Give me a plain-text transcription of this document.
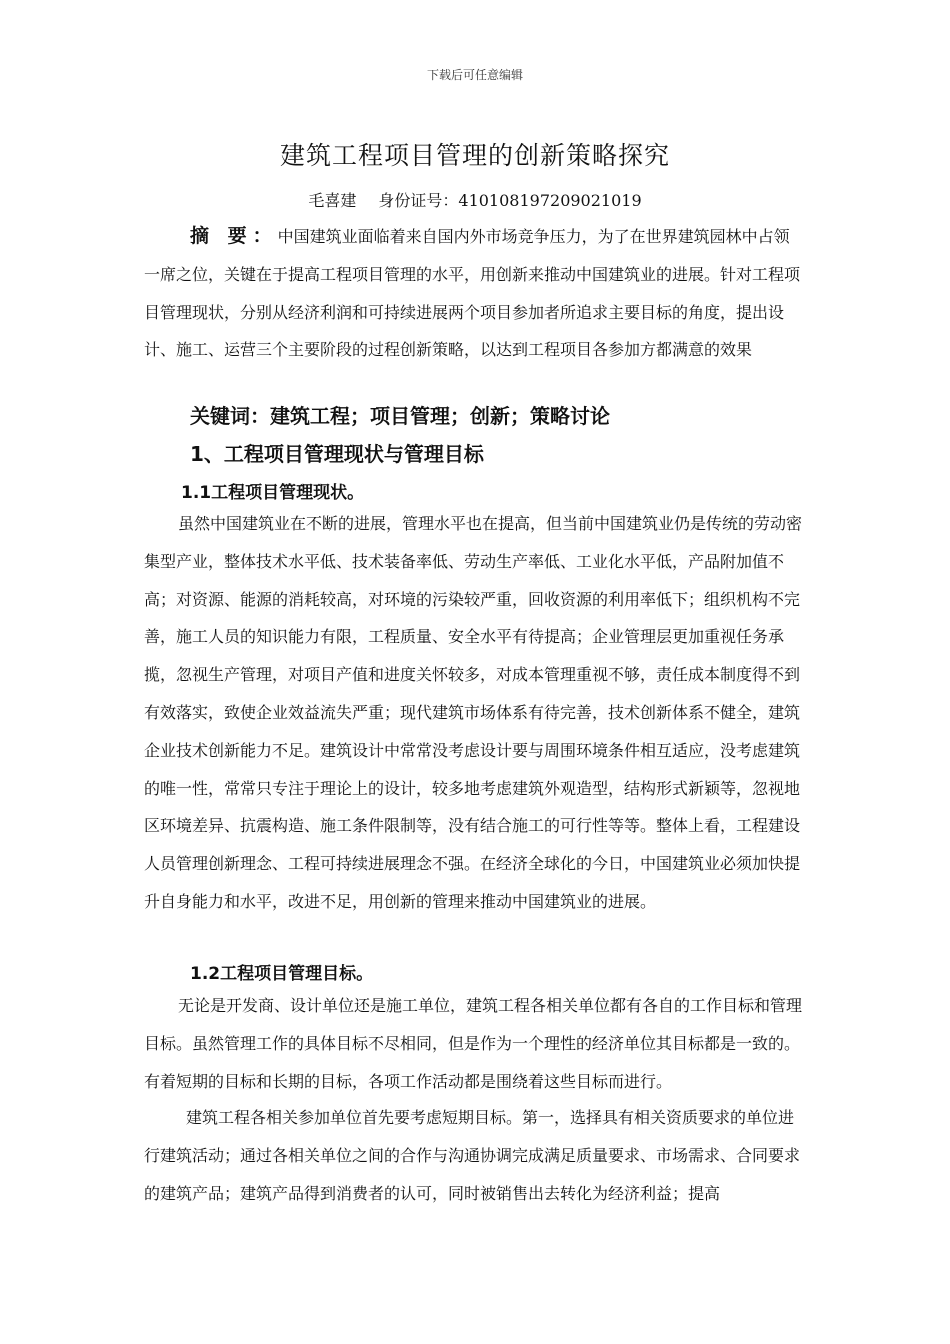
下载后可任意编辑
建筑工程项目管理的创新策略探究
毛喜建 身份证号：410108197209021019
摘 要：中国建筑业面临着来自国内外市场竞争压力，为了在世界建筑园林中占领一席之位，关键在于提高工程项目管理的水平，用创新来推动中国建筑业的进展。针对工程项目管理现状，分别从经济利润和可持续进展两个项目参加者所追求主要目标的角度，提出设计、施工、运营三个主要阶段的过程创新策略，以达到工程项目各参加方都满意的效果
关键词：建筑工程；项目管理；创新；策略讨论
1、工程项目管理现状与管理目标
1.1工程项目管理现状。
虽然中国建筑业在不断的进展，管理水平也在提高，但当前中国建筑业仍是传统的劳动密集型产业，整体技术水平低、技术装备率低、劳动生产率低、工业化水平低，产品附加值不高；对资源、能源的消耗较高，对环境的污染较严重，回收资源的利用率低下；组织机构不完善，施工人员的知识能力有限，工程质量、安全水平有待提高；企业管理层更加重视任务承揽，忽视生产管理，对项目产值和进度关怀较多，对成本管理重视不够，责任成本制度得不到有效落实，致使企业效益流失严重；现代建筑市场体系有待完善，技术创新体系不健全，建筑企业技术创新能力不足。建筑设计中常常没考虑设计要与周围环境条件相互适应，没考虑建筑的唯一性，常常只专注于理论上的设计，较多地考虑建筑外观造型，结构形式新颖等，忽视地区环境差异、抗震构造、施工条件限制等，没有结合施工的可行性等等。整体上看，工程建设人员管理创新理念、工程可持续进展理念不强。在经济全球化的今日，中国建筑业必须加快提升自身能力和水平，改进不足，用创新的管理来推动中国建筑业的进展。
1.2工程项目管理目标。
无论是开发商、设计单位还是施工单位，建筑工程各相关单位都有各自的工作目标和管理目标。虽然管理工作的具体目标不尽相同，但是作为一个理性的经济单位其目标都是一致的。有着短期的目标和长期的目标，各项工作活动都是围绕着这些目标而进行。
建筑工程各相关参加单位首先要考虑短期目标。第一，选择具有相关资质要求的单位进行建筑活动；通过各相关单位之间的合作与沟通协调完成满足质量要求、市场需求、合同要求的建筑产品；建筑产品得到消费者的认可，同时被销售出去转化为经济利益；提高
